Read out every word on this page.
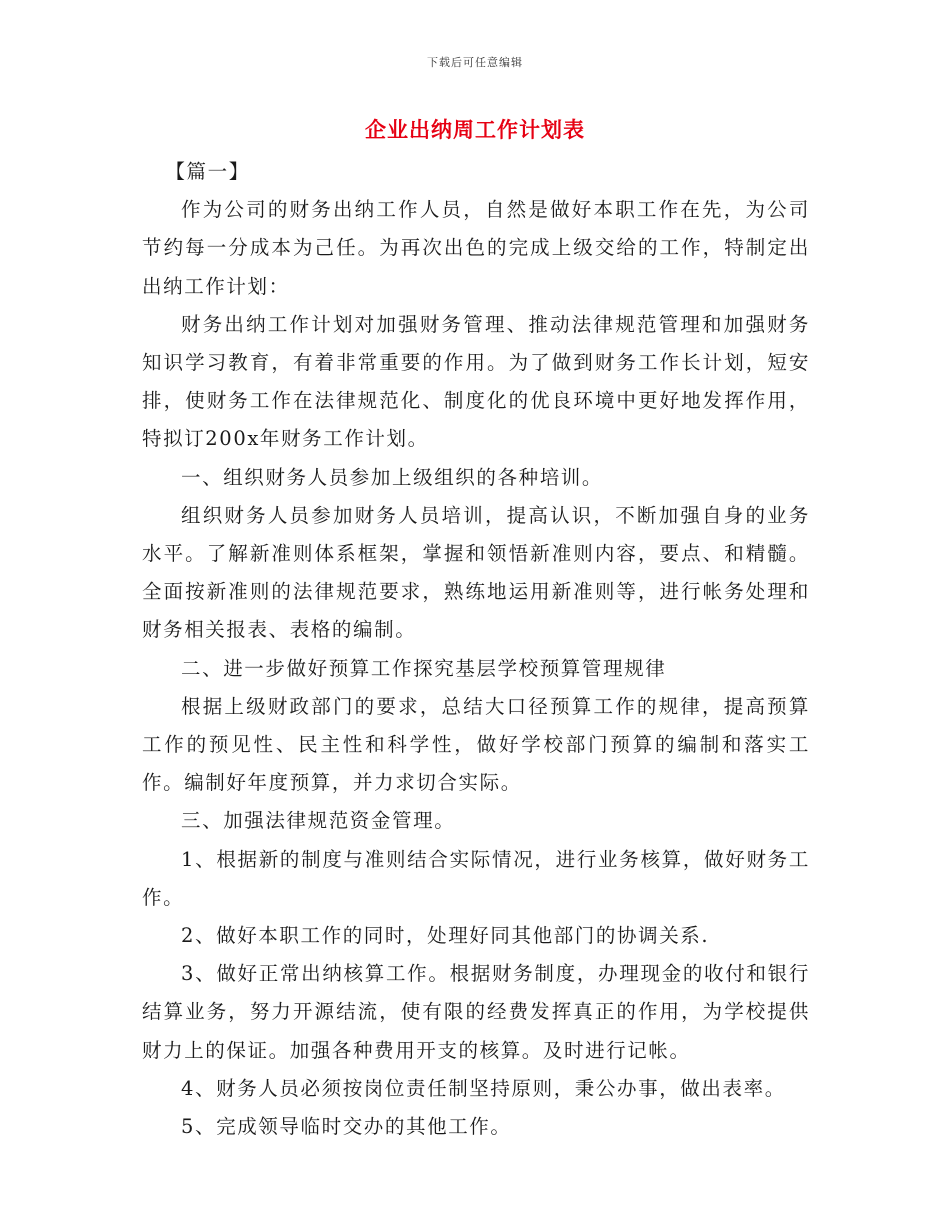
下载后可任意编辑
企业出纳周工作计划表

【篇一】

作为公司的财务出纳工作人员，自然是做好本职工作在先，为公司节约每一分成本为己任。为再次出色的完成上级交给的工作，特制定出出纳工作计划：

财务出纳工作计划对加强财务管理、推动法律规范管理和加强财务知识学习教育，有着非常重要的作用。为了做到财务工作长计划，短安排，使财务工作在法律规范化、制度化的优良环境中更好地发挥作用，特拟订200x年财务工作计划。

一、组织财务人员参加上级组织的各种培训。

组织财务人员参加财务人员培训，提高认识，不断加强自身的业务水平。了解新准则体系框架，掌握和领悟新准则内容，要点、和精髓。全面按新准则的法律规范要求，熟练地运用新准则等，进行帐务处理和财务相关报表、表格的编制。

二、进一步做好预算工作探究基层学校预算管理规律

根据上级财政部门的要求，总结大口径预算工作的规律，提高预算工作的预见性、民主性和科学性，做好学校部门预算的编制和落实工作。编制好年度预算，并力求切合实际。

三、加强法律规范资金管理。

1、根据新的制度与准则结合实际情况，进行业务核算，做好财务工作。

2、做好本职工作的同时，处理好同其他部门的协调关系.

3、做好正常出纳核算工作。根据财务制度，办理现金的收付和银行结算业务，努力开源结流，使有限的经费发挥真正的作用，为学校提供财力上的保证。加强各种费用开支的核算。及时进行记帐。

4、财务人员必须按岗位责任制坚持原则，秉公办事，做出表率。

5、完成领导临时交办的其他工作。
